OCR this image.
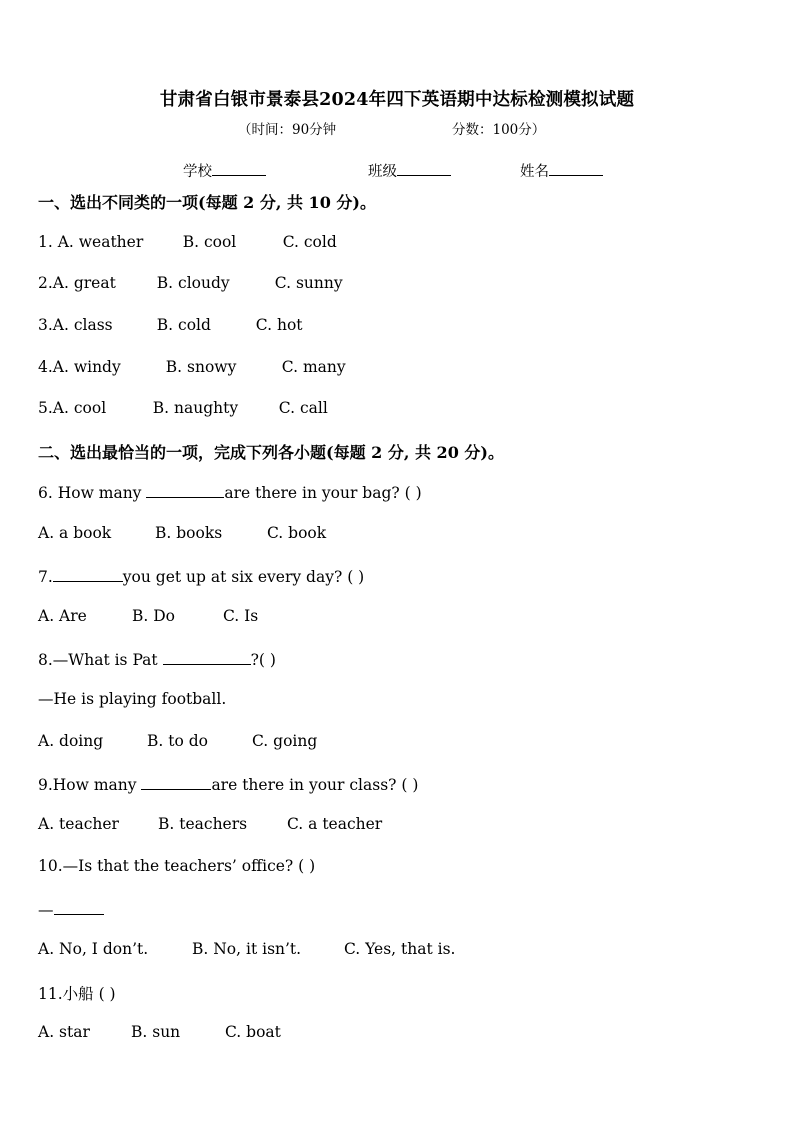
甘肃省白银市景泰县2024年四下英语期中达标检测模拟试题
（时间：90分钟	分数：100分）
学校	班级	姓名
一、选出不同类的一项(每题 2 分, 共 10 分)。
1. A. weather	B. cool	C. cold
2.A. great	B. cloudy	C. sunny
3.A. class	B. cold	C. hot
4.A. windy	B. snowy	C. many
5.A. cool	B. naughty	C. call
二、选出最恰当的一项，完成下列各小题(每题 2 分, 共 20 分)。
6. How many	are there in your bag? ( )
A. a book	B. books	C. book
7.	you get up at six every day? ( )
A. Are	B. Do	C. Is
8.—What is Pat	?( )
—He is playing football.
A. doing	B. to do	C. going
9.How many	are there in your class? ( )
A. teacher	B. teachers	C. a teacher
10.—Is that the teachers’ office? ( )
—
A. No, I don’t.	B. No, it isn’t.	C. Yes, that is.
11.小船 ( )
A. star	B. sun	C. boat
